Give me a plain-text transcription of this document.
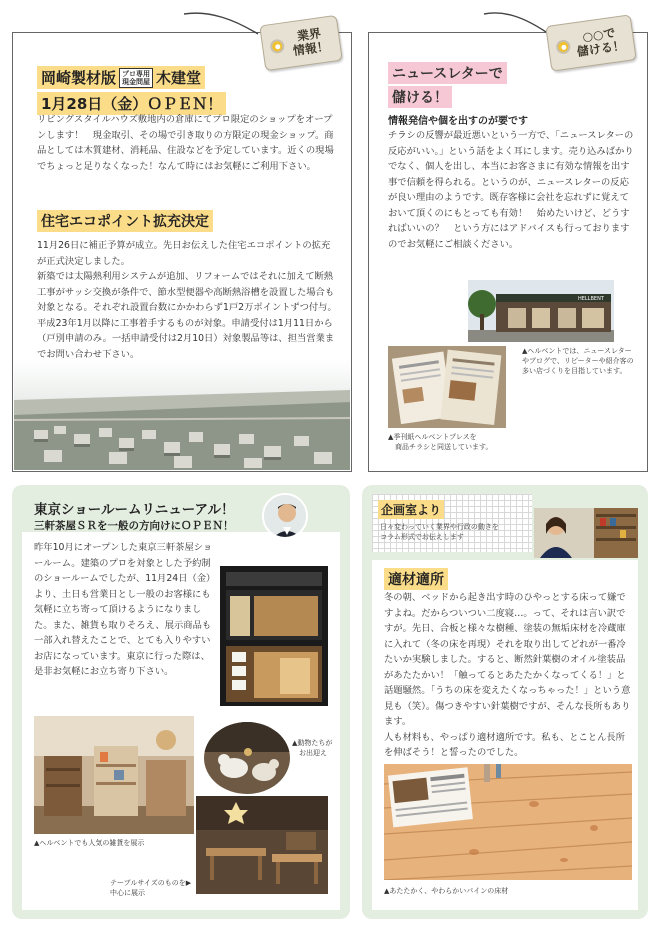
業界
情報！
岡崎製材版 プロ専用
現金問屋 木建堂
1月28日（金）ＯＰＥＮ！
リビングスタイルハウズ敷地内の倉庫にてプロ限定のショップをオープンします！　現金取引、その場で引き取りの方限定の現金ショップ。商品としては木質建材、消耗品、住設などを予定しています。近くの現場でちょっと足りなくなった！なんて時にはお気軽にご利用下さい。
住宅エコポイント拡充決定
11月26日に補正予算が成立。先日お伝えした住宅エコポイントの拡充が正式決定しました。
新築では太陽熱利用システムが追加、リフォームではそれに加えて断熱工事がサッシ交換が条件で、節水型便器や高断熱浴槽を設置した場合も対象となる。それぞれ設置台数にかかわらず1戸2万ポイントずつ付与。平成23年1月以降に工事着手するものが対象。申請受付は1月11日から（戸別申請のみ。一括申請受付は2月10日）対象製品等は、担当営業までお問い合わせ下さい。
○○で
儲ける！
ニュースレターで
儲ける！
情報発信や個を出すのが要です
チラシの反響が最近悪いという一方で、「ニュースレターの反応がいい。」という話をよく耳にします。売り込みばかりでなく、個人を出し、本当にお客さまに有効な情報を出す事で信頼を得られる。というのが、ニュースレターの反応が良い理由のようです。既存客様に会社を忘れずに覚えておいて頂くのにもとっても有効！　始めたいけど、どうすればいいの？　という方にはアドバイスも行っておりますのでお気軽にご相談ください。
HELLBENT
▲ヘルベントでは、ニュースレターやブログで、リピーターや紹介客の多い店づくりを目指しています。
▲季刊紙ヘルベントプレスを
　商品チラシと同送しています。
東京ショールームリニューアル！
三軒茶屋ＳＲを一般の方向けにＯＰＥＮ！
昨年10月にオープンした東京三軒茶屋ショールーム。建築のプロを対象とした予約制のショールームでしたが、11月24日（金）より、土日も営業日とし一般のお客様にも気軽に立ち寄って頂けるようになりました。また、雑貨も取りそろえ、展示商品も一部入れ替えたことで、とても入りやすいお店になっています。東京に行った際は、是非お気軽にお立ち寄り下さい。
▲ヘルベントでも人気の雑貨を展示
▲動物たちが
　お出迎え
テーブルサイズのものを▶
中心に展示
企画室より
日々変わっていく業界や行政の動きを
コラム形式でお伝えします
適材適所
冬の朝、ベッドから起き出す時のひやっとする床って嫌ですよね。だからついつい二度寝…。って、それは言い訳ですが。先日、合板と様々な樹種、塗装の無垢床材を冷蔵庫に入れて（冬の床を再現）それを取り出してどれが一番冷たいか実験しました。すると、断然針葉樹のオイル塗装品があたたかい！「触ってるとあたたかくなってくる！」と話題騒然。「うちの床を変えたくなっちゃった！」という意見も（笑）。傷つきやすい針葉樹ですが、そんな長所もあります。
人も材料も、やっぱり適材適所です。私も、とことん長所を伸ばそう！と誓ったのでした。
▲あたたかく、やわらかいパインの床材
